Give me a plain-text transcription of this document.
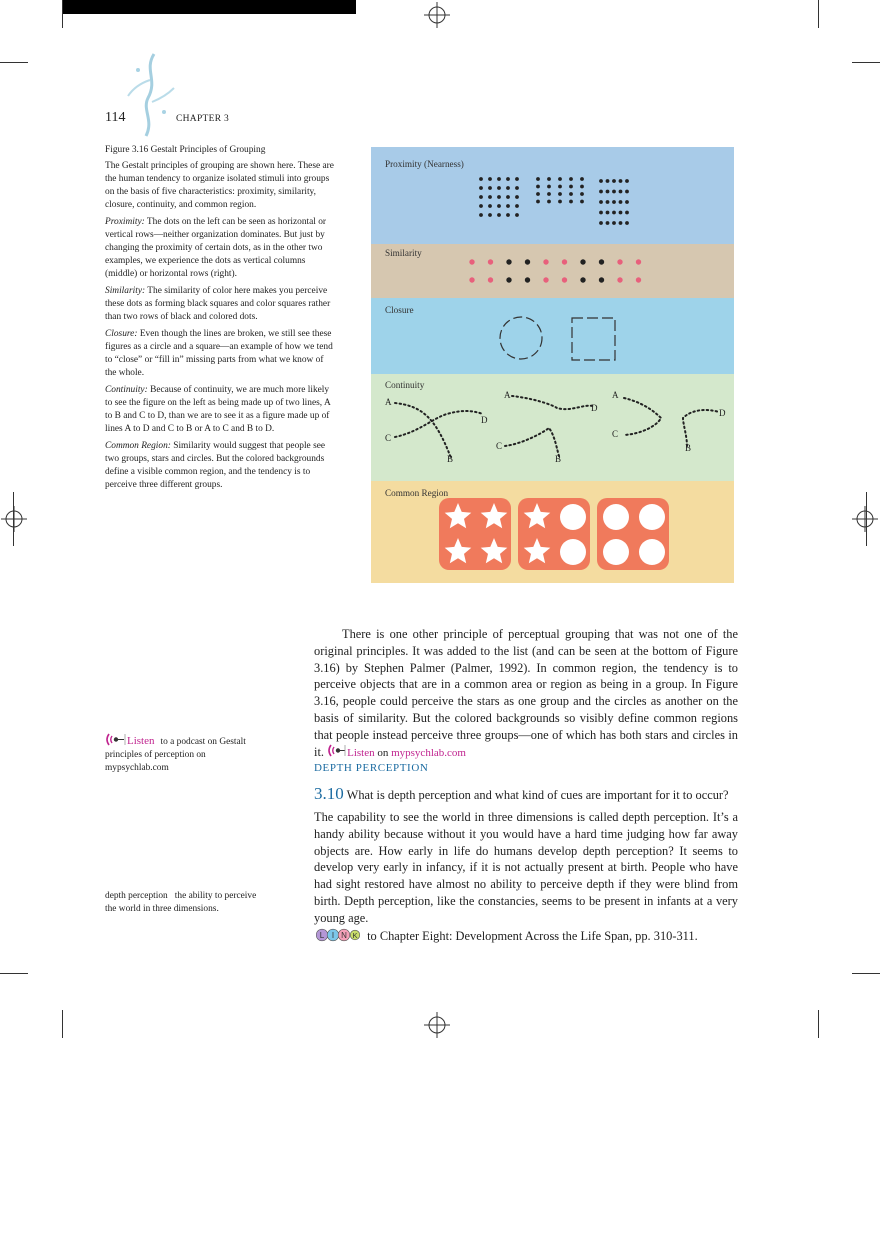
114	CHAPTER 3
Figure 3.16 Gestalt Principles of Grouping

The Gestalt principles of grouping are shown here. These are the human tendency to organize isolated stimuli into groups on the basis of five characteristics: proximity, similarity, closure, continuity, and common region.

Proximity: The dots on the left can be seen as horizontal or vertical rows—neither organization dominates. But just by changing the proximity of certain dots, as in the other two examples, we experience the dots as vertical columns (middle) or horizontal rows (right).

Similarity: The similarity of color here makes you perceive these dots as forming black squares and color squares rather than two rows of black and colored dots.

Closure: Even though the lines are broken, we still see these figures as a circle and a square—an example of how we tend to “close” or “fill in” missing parts from what we know of the whole.

Continuity: Because of continuity, we are much more likely to see the figure on the left as being made up of two lines, A to B and C to D, than we are to see it as a figure made up of lines A to D and C to B or A to C and B to D.

Common Region: Similarity would suggest that people see two groups, stars and circles. But the colored backgrounds define a visible common region, and the tendency is to perceive three different groups.

Proximity (Nearness)
Similarity
Closure
Continuity
A
C
B
D
A
C
B
D
A
C
B
D
Common Region

There is one other principle of perceptual grouping that was not one of the original principles. It was added to the list (and can be seen at the bottom of Figure 3.16) by Stephen Palmer (Palmer, 1992). In common region, the tendency is to perceive objects that are in a common area or region as being in a group. In Figure 3.16, people could perceive the stars as one group and the circles as another on the basis of similarity. But the colored backgrounds so visibly define common regions that people instead perceive three groups—one of which has both stars and circles in it. Listen on mypsychlab.com

DEPTH PERCEPTION
3.10 What is depth perception and what kind of cues are important for it to occur?

The capability to see the world in three dimensions is called depth perception. It’s a handy ability because without it you would have a hard time judging how far away objects are. How early in life do humans develop depth perception? It seems to develop very early in infancy, if it is not actually present at birth. People who have had sight restored have almost no ability to perceive depth if they were blind from birth. Depth perception, like the constancies, seems to be present in infants at a very young age.

L I N K to Chapter Eight: Development Across the Life Span, pp. 310-311.

Listen to a podcast on Gestalt principles of perception on mypsychlab.com
depth perception the ability to perceive the world in three dimensions.
